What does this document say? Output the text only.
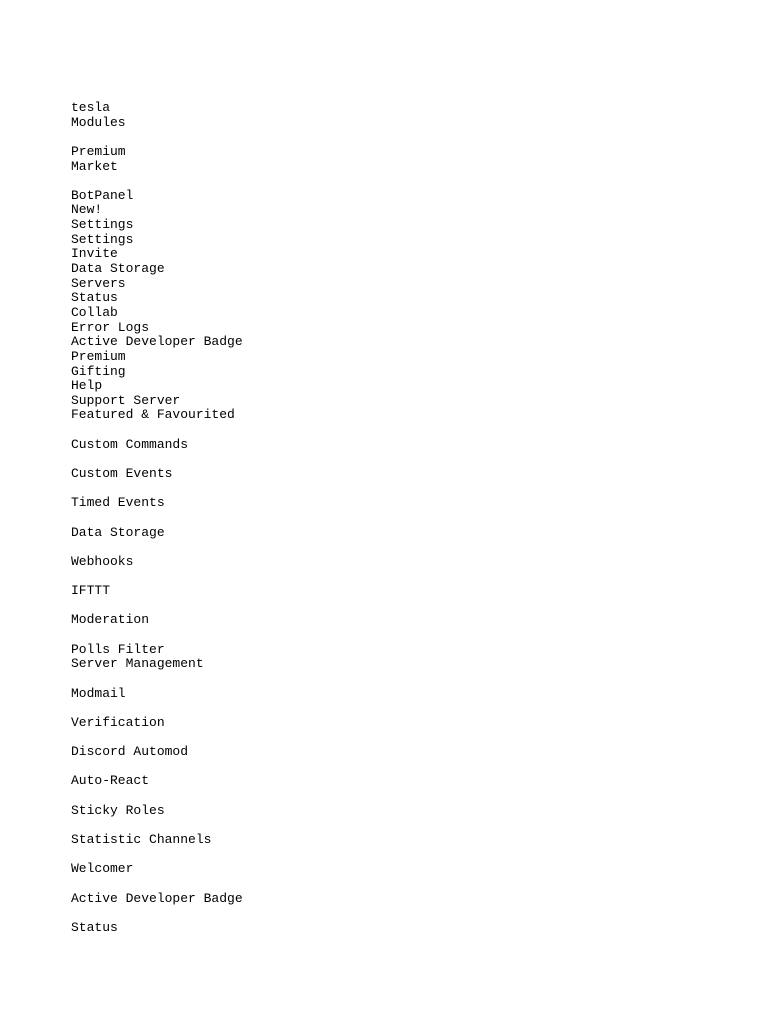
tesla
Modules
Premium
Market
BotPanel
New!
Settings
Settings
Invite
Data Storage
Servers
Status
Collab
Error Logs
Active Developer Badge
Premium
Gifting
Help
Support Server
Featured & Favourited
Custom Commands
Custom Events
Timed Events
Data Storage
Webhooks
IFTTT
Moderation
Polls Filter
Server Management
Modmail
Verification
Discord Automod
Auto-React
Sticky Roles
Statistic Channels
Welcomer
Active Developer Badge
Status
